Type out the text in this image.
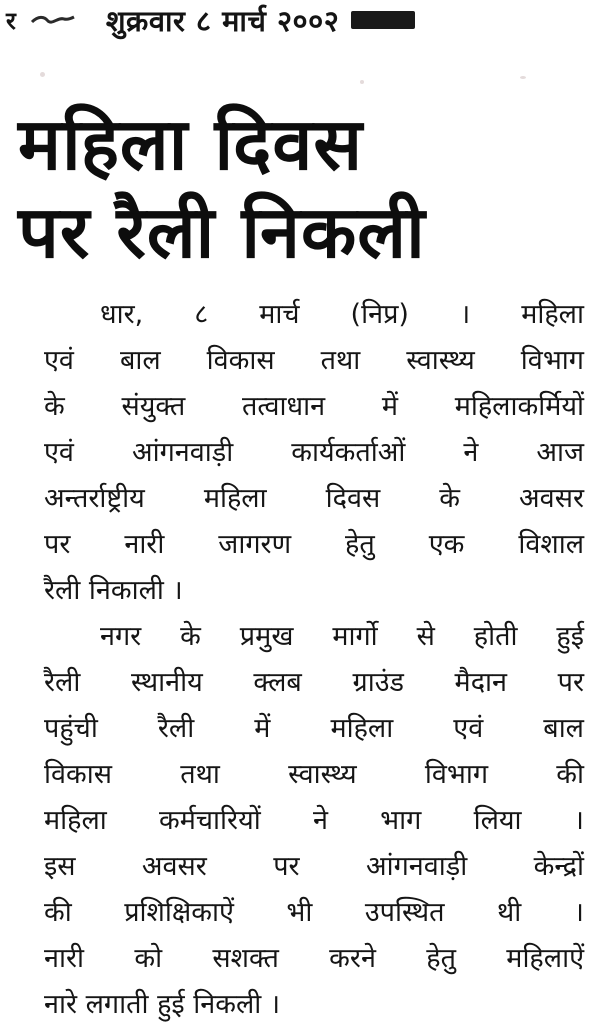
र	शुक्रवार ८ मार्च २००२
महिला दिवस
पर रैली निकली

धार, ८ मार्च (निप्र) । महिला
एवं बाल विकास तथा स्वास्थ्य विभाग
के संयुक्त तत्वाधान में महिलाकर्मियों
एवं आंगनवाड़ी कार्यकर्ताओं ने आज
अन्तर्राष्ट्रीय महिला दिवस के अवसर
पर नारी जागरण हेतु एक विशाल
रैली निकाली ।

नगर के प्रमुख मार्गो से होती हुई
रैली स्थानीय क्लब ग्राउंड मैदान पर
पहुंची रैली में महिला एवं बाल
विकास तथा स्वास्थ्य विभाग की
महिला कर्मचारियों ने भाग लिया ।
इस अवसर पर आंगनवाड़ी केन्द्रों
की प्रशिक्षिकाऐं भी उपस्थित थी ।
नारी को सशक्त करने हेतु महिलाऐं
नारे लगाती हुई निकली ।
